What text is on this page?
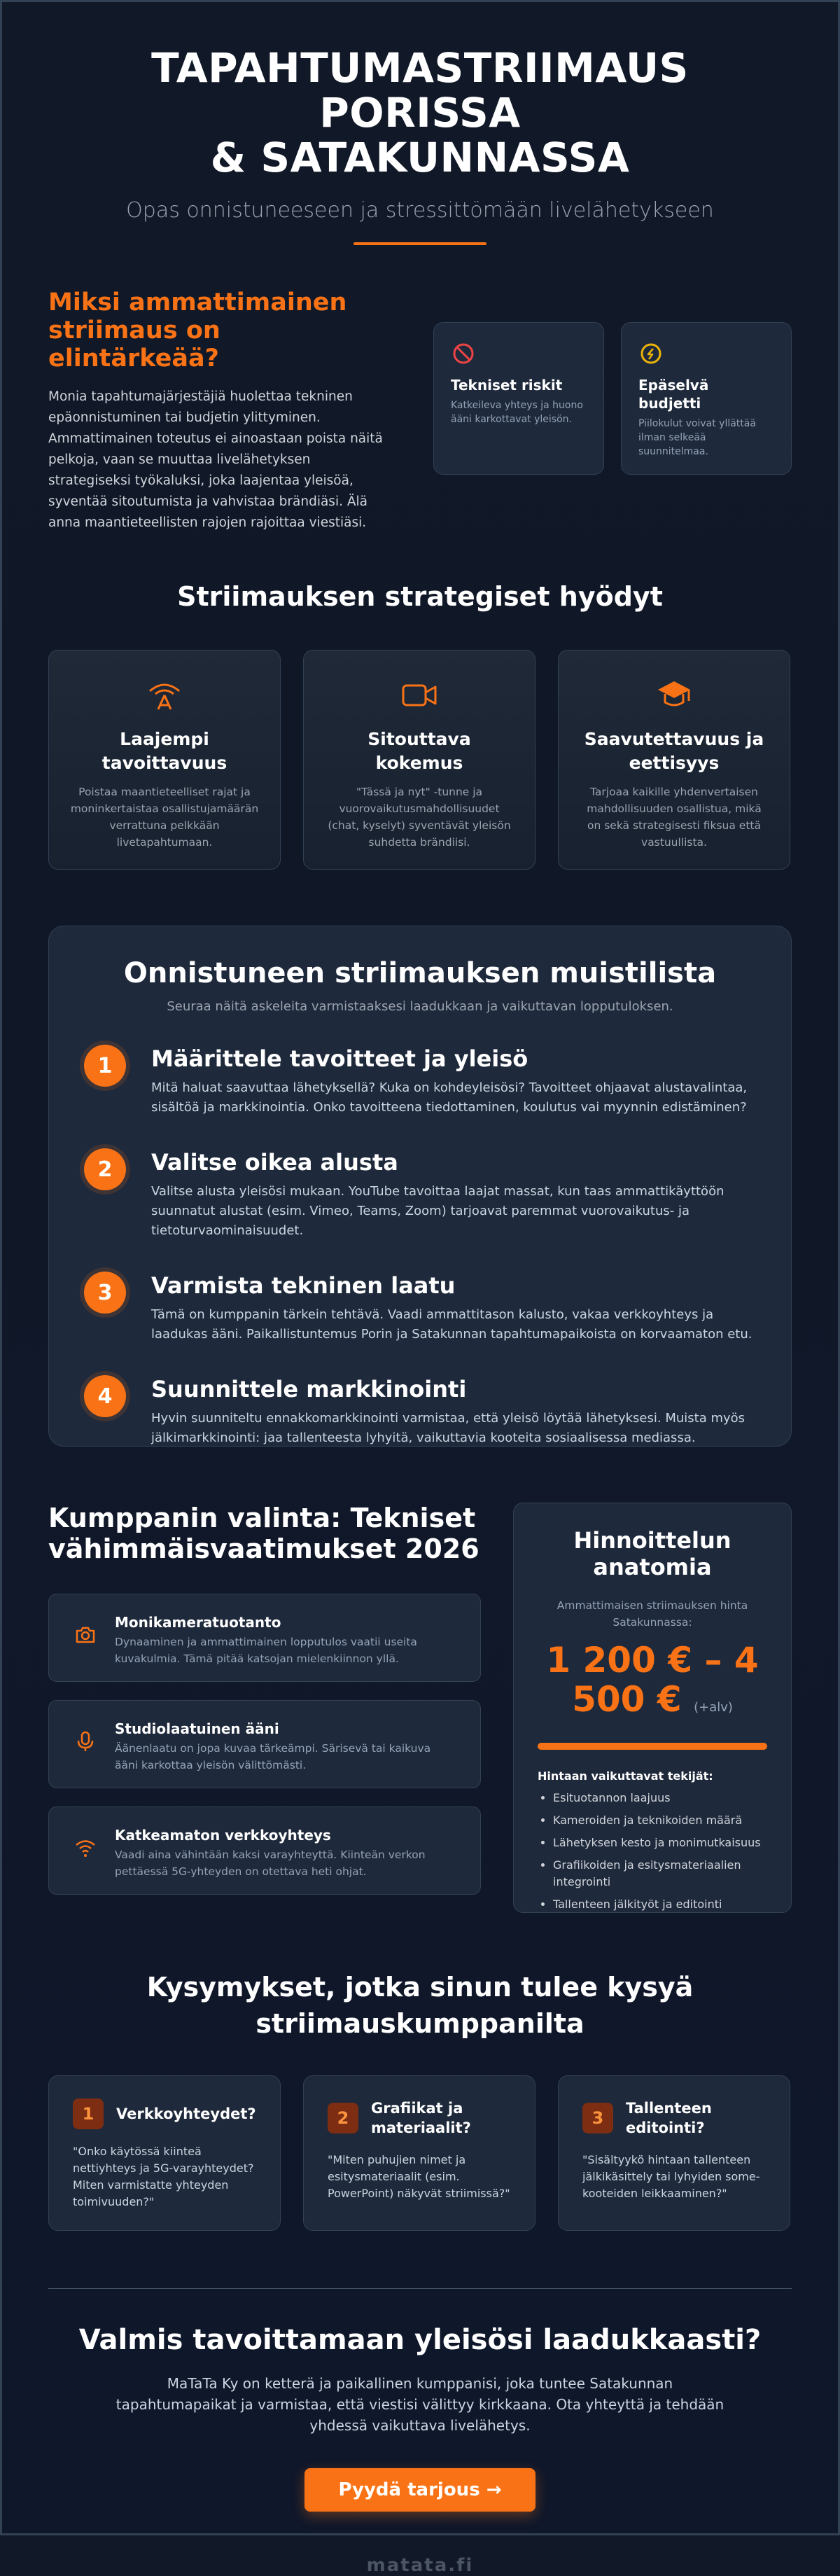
TAPAHTUMASTRIIMAUS PORISSA
& SATAKUNNASSA
Opas onnistuneeseen ja stressittömään livelähetykseen
Miksi ammattimainen striimaus on elintärkeää?

Monia tapahtumajärjestäjiä huolettaa tekninen epäonnistuminen tai budjetin ylittyminen. Ammattimainen toteutus ei ainoastaan poista näitä pelkoja, vaan se muuttaa livelähetyksen strategiseksi työkaluksi, joka laajentaa yleisöä, syventää sitoutumista ja vahvistaa brändiäsi. Älä anna maantieteellisten rajojen rajoittaa viestiäsi.

Tekniset riskit

Katkeileva yhteys ja huono ääni karkottavat yleisön.

Epäselvä budjetti

Piilokulut voivat yllättää ilman selkeää suunnitelmaa.

Striimauksen strategiset hyödyt
Laajempi tavoittavuus

Poistaa maantieteelliset rajat ja moninkertaistaa osallistujamäärän verrattuna pelkkään livetapahtumaan.

Sitouttava kokemus

"Tässä ja nyt" -tunne ja vuorovaikutusmahdollisuudet (chat, kyselyt) syventävät yleisön suhdetta brändiisi.

Saavutettavuus ja eettisyys

Tarjoaa kaikille yhdenvertaisen mahdollisuuden osallistua, mikä on sekä strategisesti fiksua että vastuullista.

Onnistuneen striimauksen muistilista
Seuraa näitä askeleita varmistaaksesi laadukkaan ja vaikuttavan lopputuloksen.
1	Määrittele tavoitteet ja yleisö

Mitä haluat saavuttaa lähetyksellä? Kuka on kohdeyleisösi? Tavoitteet ohjaavat alustavalintaa, sisältöä ja markkinointia. Onko tavoitteena tiedottaminen, koulutus vai myynnin edistäminen?

2	Valitse oikea alusta

Valitse alusta yleisösi mukaan. YouTube tavoittaa laajat massat, kun taas ammattikäyttöön suunnatut alustat (esim. Vimeo, Teams, Zoom) tarjoavat paremmat vuorovaikutus- ja tietoturvaominaisuudet.

3	Varmista tekninen laatu

Tämä on kumppanin tärkein tehtävä. Vaadi ammattitason kalusto, vakaa verkkoyhteys ja laadukas ääni. Paikallistuntemus Porin ja Satakunnan tapahtumapaikoista on korvaamaton etu.

4	Suunnittele markkinointi

Hyvin suunniteltu ennakkomarkkinointi varmistaa, että yleisö löytää lähetyksesi. Muista myös jälkimarkkinointi: jaa tallenteesta lyhyitä, vaikuttavia kooteita sosiaalisessa mediassa.

Kumppanin valinta: Tekniset vähimmäisvaatimukset 2026
Monikameratuotanto

Dynaaminen ja ammattimainen lopputulos vaatii useita kuvakulmia. Tämä pitää katsojan mielenkiinnon yllä.

Studiolaatuinen ääni

Äänenlaatu on jopa kuvaa tärkeämpi. Särisevä tai kaikuva ääni karkottaa yleisön välittömästi.

Katkeamaton verkkoyhteys

Vaadi aina vähintään kaksi varayhteyttä. Kiinteän verkon pettäessä 5G-yhteyden on otettava heti ohjat.

Hinnoittelun anatomia
Ammattimaisen striimauksen hinta Satakunnassa:
1 200 € – 4 500 € (+alv)
Hintaan vaikuttavat tekijät:
• Esituotannon laajuus
• Kameroiden ja teknikoiden määrä
• Lähetyksen kesto ja monimutkaisuus
• Grafiikoiden ja esitysmateriaalien integrointi
• Tallenteen jälkityöt ja editointi
Kysymykset, jotka sinun tulee kysyä striimauskumppanilta
1	Verkkoyhteydet?

"Onko käytössä kiinteä nettiyhteys ja 5G-varayhteydet? Miten varmistatte yhteyden toimivuuden?"

2	Grafiikat ja materiaalit?

"Miten puhujien nimet ja esitysmateriaalit (esim. PowerPoint) näkyvät striimissä?"

3	Tallenteen editointi?

"Sisältyykö hintaan tallenteen jälkikäsittely tai lyhyiden some-kooteiden leikkaaminen?"

Valmis tavoittamaan yleisösi laadukkaasti?

MaTaTa Ky on ketterä ja paikallinen kumppanisi, joka tuntee Satakunnan tapahtumapaikat ja varmistaa, että viestisi välittyy kirkkaana. Ota yhteyttä ja tehdään yhdessä vaikuttava livelähetys.

Pyydä tarjous →
matata.fi
